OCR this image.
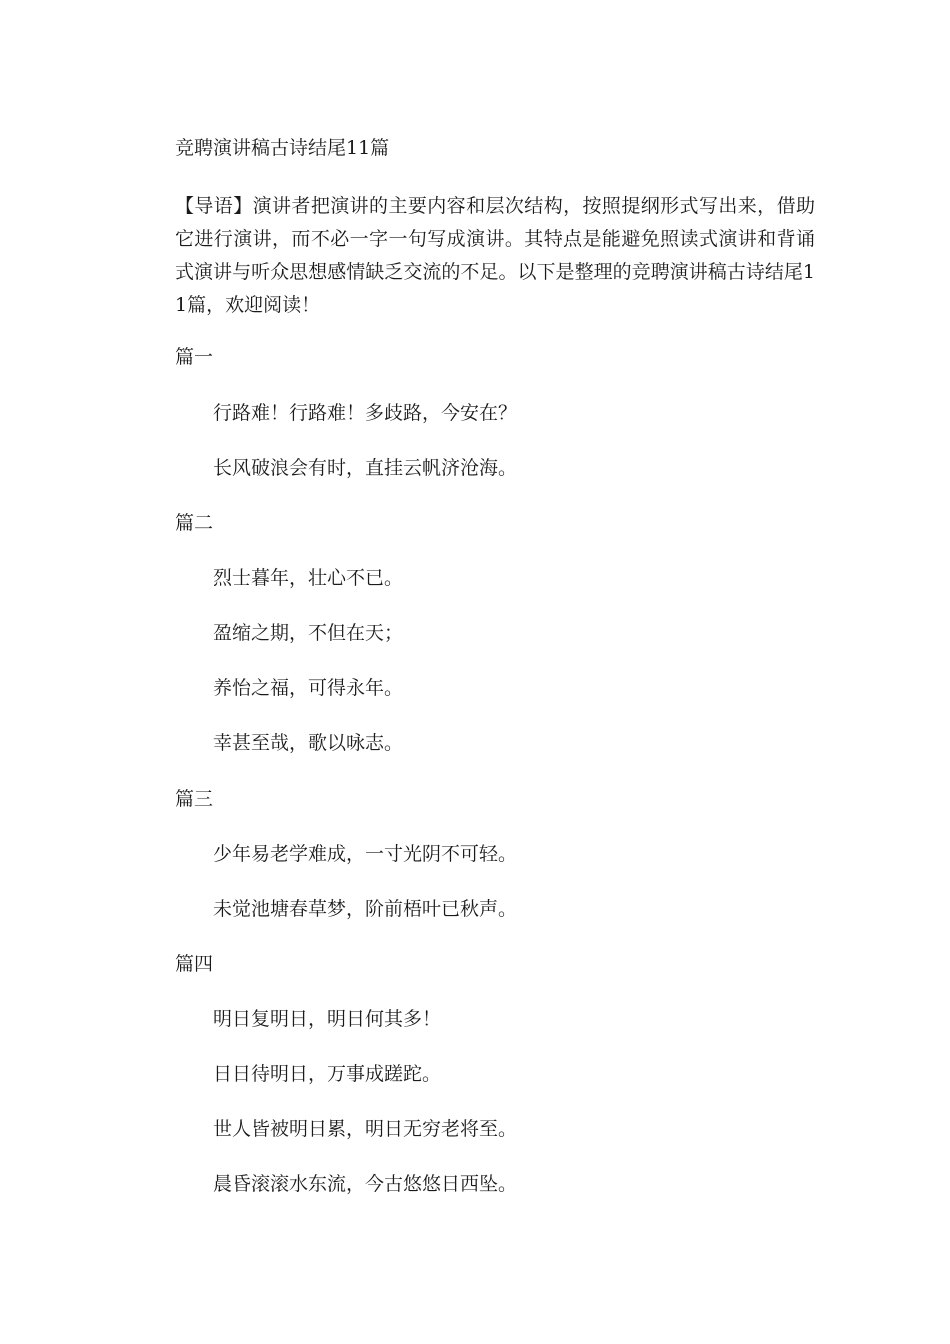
竞聘演讲稿古诗结尾11篇
【导语】演讲者把演讲的主要内容和层次结构，按照提纲形式写出来，借助它进行演讲，而不必一字一句写成演讲。其特点是能避免照读式演讲和背诵式演讲与听众思想感情缺乏交流的不足。以下是整理的竞聘演讲稿古诗结尾11篇，欢迎阅读！
篇一
行路难！行路难！多歧路，今安在？
长风破浪会有时，直挂云帆济沧海。
篇二
烈士暮年，壮心不已。
盈缩之期，不但在天；
养怡之福，可得永年。
幸甚至哉，歌以咏志。
篇三
少年易老学难成，一寸光阴不可轻。
未觉池塘春草梦，阶前梧叶已秋声。
篇四
明日复明日，明日何其多！
日日待明日，万事成蹉跎。
世人皆被明日累，明日无穷老将至。
晨昏滚滚水东流，今古悠悠日西坠。
